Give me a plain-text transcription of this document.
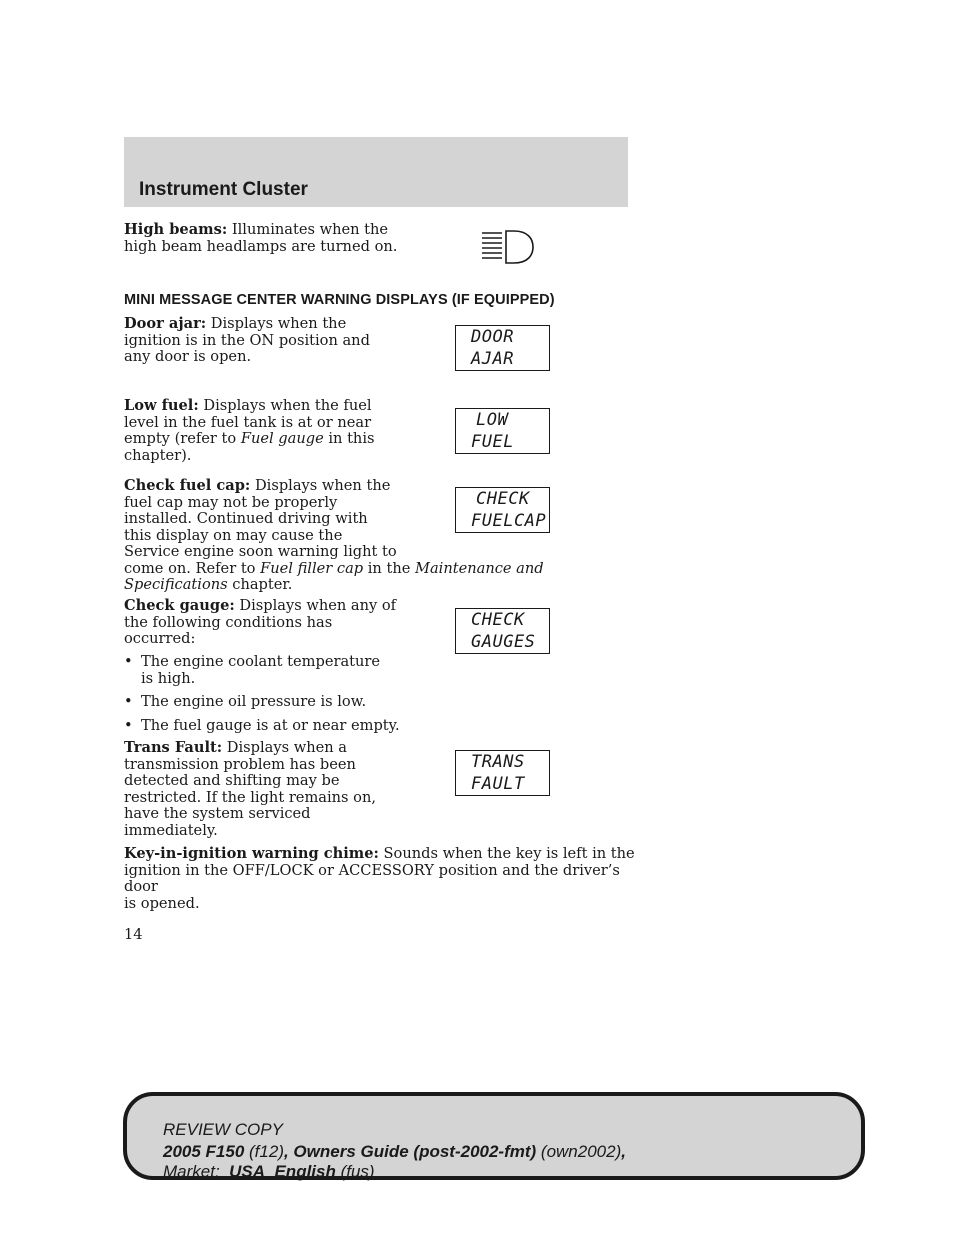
Instrument Cluster

High beams: Illuminates when the
high beam headlamps are turned on.

MINI MESSAGE CENTER WARNING DISPLAYS (IF EQUIPPED)

Door ajar: Displays when the
ignition is in the ON position and
any door is open.

DOOR
AJAR

Low fuel: Displays when the fuel
level in the fuel tank is at or near
empty (refer to Fuel gauge in this
chapter).

LOW
FUEL

Check fuel cap: Displays when the
fuel cap may not be properly
installed. Continued driving with
this display on may cause the
Service engine soon warning light to
come on. Refer to Fuel filler cap in the Maintenance and
Specifications chapter.

CHECK
FUELCAP

Check gauge: Displays when any of
the following conditions has
occurred:

CHECK
GAUGES
• The engine coolant temperature
is high.
• The engine oil pressure is low.
• The fuel gauge is at or near empty.

Trans Fault: Displays when a
transmission problem has been
detected and shifting may be
restricted. If the light remains on,
have the system serviced
immediately.

TRANS
FAULT

Key-in-ignition warning chime: Sounds when the key is left in the
ignition in the OFF/LOCK or ACCESSORY position and the driver’s door
is opened.

14
REVIEW COPY
2005 F150 (f12), Owners Guide (post-2002-fmt) (own2002),
Market:  USA_English (fus)
